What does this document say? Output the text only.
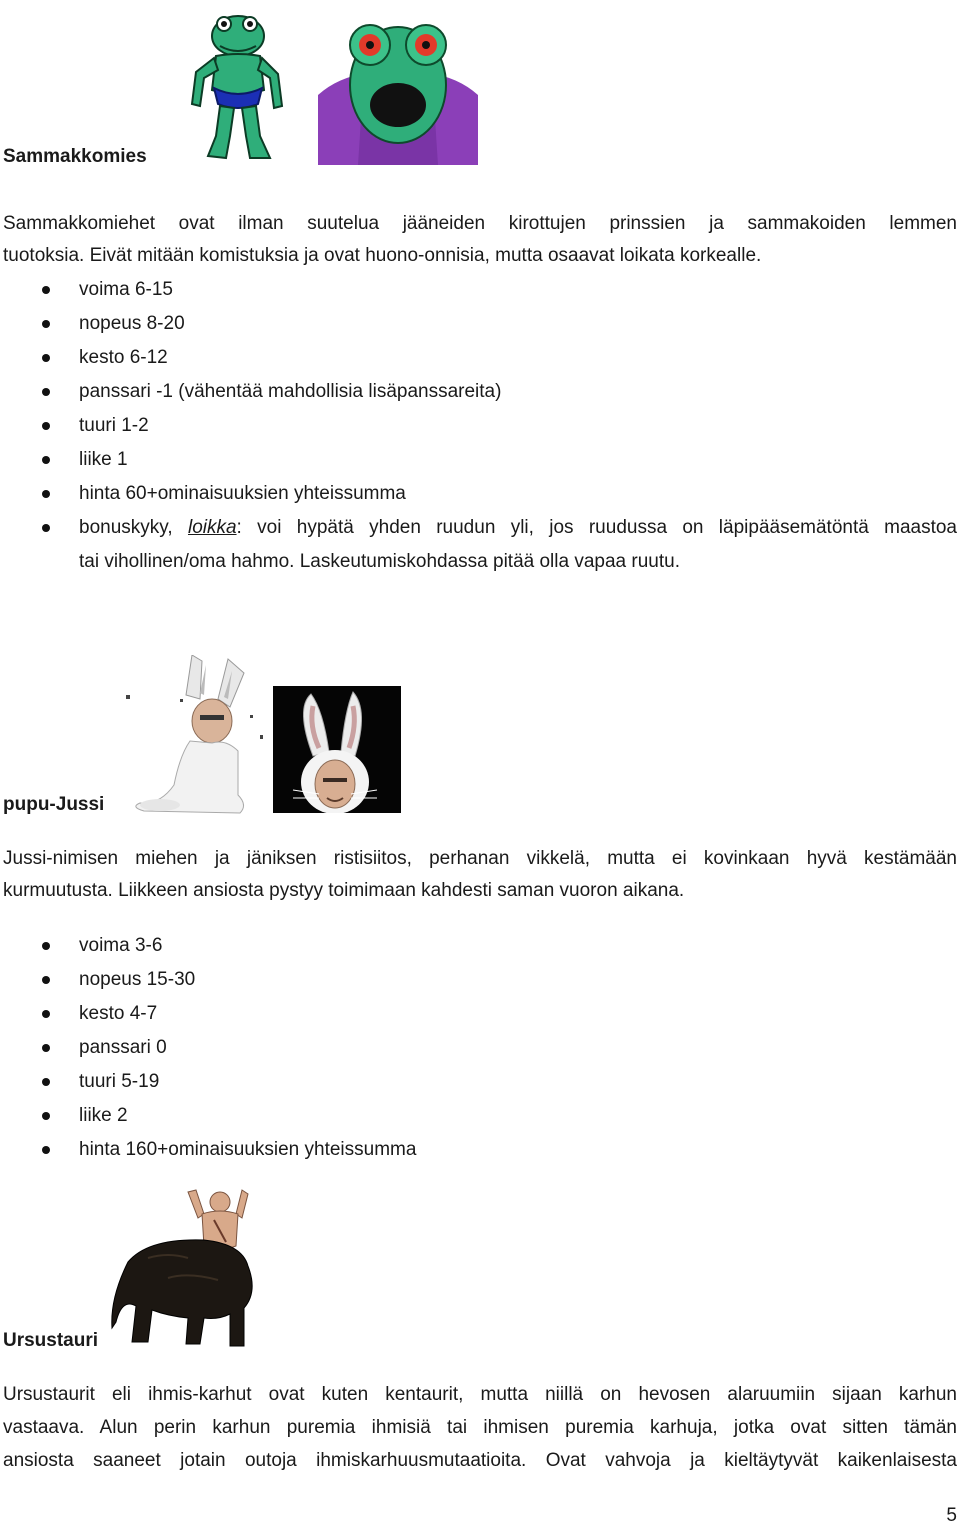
Sammakkomies
Sammakkomiehet ovat ilman suutelua jääneiden kirottujen prinssien ja sammakoiden lemmen
tuotoksia. Eivät mitään komistuksia ja ovat huono-onnisia, mutta osaavat loikata korkealle.
voima 6-15
nopeus 8-20
kesto 6-12
panssari -1 (vähentää mahdollisia lisäpanssareita)
tuuri 1-2
liike 1
hinta 60+ominaisuuksien yhteissumma
bonuskyky, loikka: voi hypätä yhden ruudun yli, jos ruudussa on läpipääsemätöntä maastoa
tai vihollinen/oma hahmo. Laskeutumiskohdassa pitää olla vapaa ruutu.
pupu-Jussi
Jussi-nimisen miehen ja jäniksen ristisiitos, perhanan vikkelä, mutta ei kovinkaan hyvä kestämään
kurmuutusta. Liikkeen ansiosta pystyy toimimaan kahdesti saman vuoron aikana.
voima 3-6
nopeus 15-30
kesto 4-7
panssari 0
tuuri 5-19
liike 2
hinta 160+ominaisuuksien yhteissumma
Ursustauri
Ursustaurit eli ihmis-karhut ovat kuten kentaurit, mutta niillä on hevosen alaruumiin sijaan karhun
vastaava. Alun perin karhun puremia ihmisiä tai ihmisen puremia karhuja, jotka ovat sitten tämän
ansiosta saaneet jotain outoja ihmiskarhuusmutaatioita. Ovat vahvoja ja kieltäytyvät kaikenlaisesta
5
